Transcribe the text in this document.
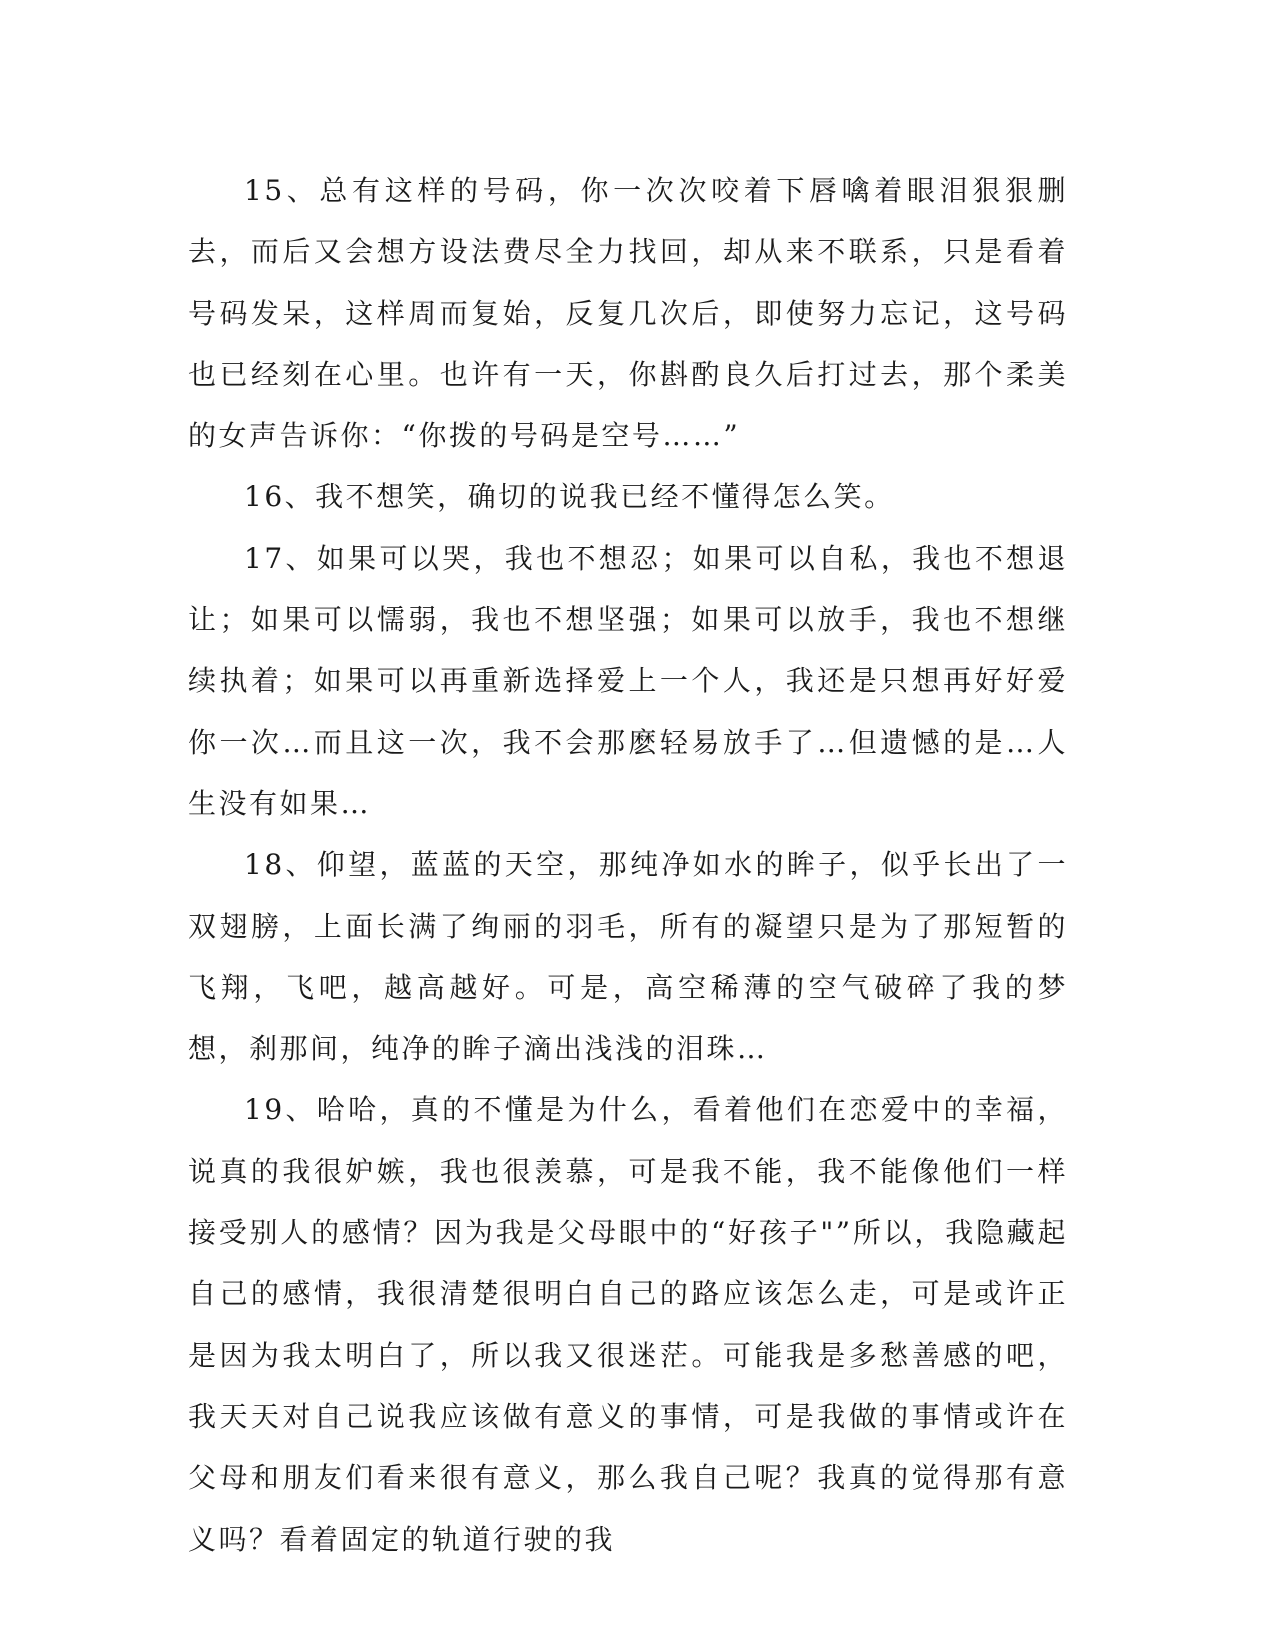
15、总有这样的号码，你一次次咬着下唇噙着眼泪狠狠删去，而后又会想方设法费尽全力找回，却从来不联系，只是看着号码发呆，这样周而复始，反复几次后，即使努力忘记，这号码也已经刻在心里。也许有一天，你斟酌良久后打过去，那个柔美的女声告诉你：“你拨的号码是空号……”

16、我不想笑，确切的说我已经不懂得怎么笑。

17、如果可以哭，我也不想忍；如果可以自私，我也不想退让；如果可以懦弱，我也不想坚强；如果可以放手，我也不想继续执着；如果可以再重新选择爱上一个人，我还是只想再好好爱你一次…而且这一次，我不会那麽轻易放手了…但遗憾的是…人生没有如果…

18、仰望，蓝蓝的天空，那纯净如水的眸子，似乎长出了一双翅膀，上面长满了绚丽的羽毛，所有的凝望只是为了那短暂的飞翔，飞吧，越高越好。可是，高空稀薄的空气破碎了我的梦想，刹那间，纯净的眸子滴出浅浅的泪珠…

19、哈哈，真的不懂是为什么，看着他们在恋爱中的幸福，说真的我很妒嫉，我也很羡慕，可是我不能，我不能像他们一样接受别人的感情？因为我是父母眼中的“好孩子"”所以，我隐藏起自己的感情，我很清楚很明白自己的路应该怎么走，可是或许正是因为我太明白了，所以我又很迷茫。可能我是多愁善感的吧，我天天对自己说我应该做有意义的事情，可是我做的事情或许在父母和朋友们看来很有意义，那么我自己呢？我真的觉得那有意义吗？看着固定的轨道行驶的我
